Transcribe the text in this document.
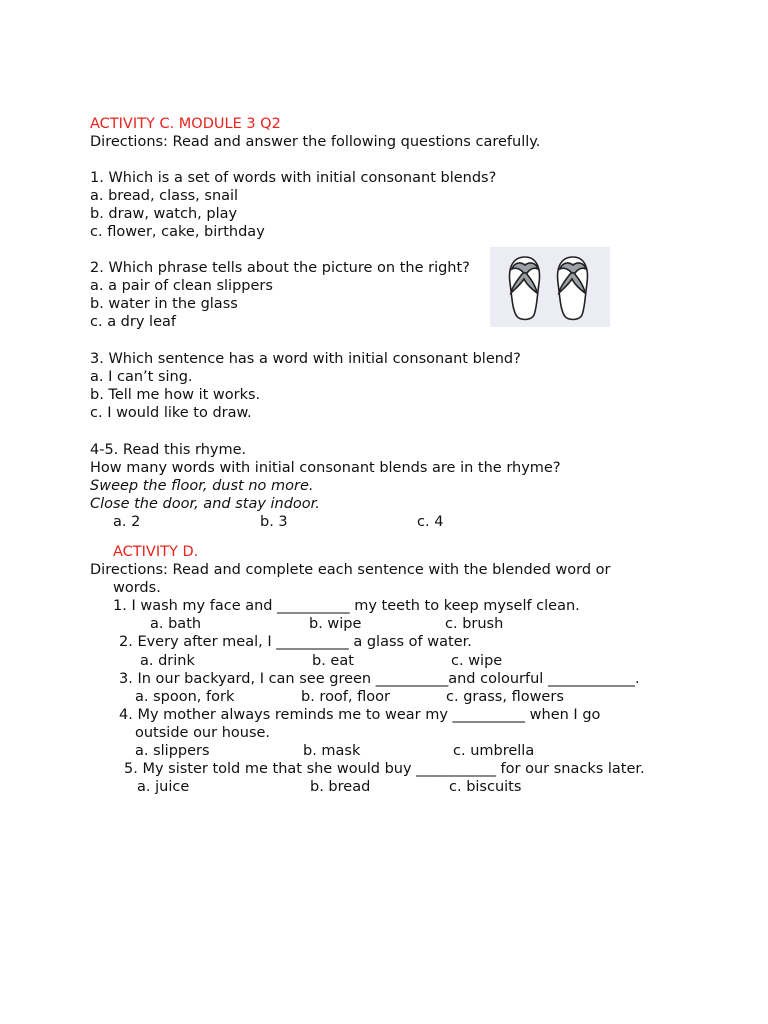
ACTIVITY C. MODULE 3 Q2
Directions: Read and answer the following questions carefully.
1. Which is a set of words with initial consonant blends?
a. bread, class, snail
b. draw, watch, play
c. flower, cake, birthday
2. Which phrase tells about the picture on the right?
a. a pair of clean slippers
b. water in the glass
c. a dry leaf
3. Which sentence has a word with initial consonant blend?
a. I can’t sing.
b. Tell me how it works.
c. I would like to draw.
4-5. Read this rhyme.
How many words with initial consonant blends are in the rhyme?
Sweep the floor, dust no more.
Close the door, and stay indoor.
a. 2	b. 3	c. 4
ACTIVITY D.
Directions: Read and complete each sentence with the blended word or
words.
1. I wash my face and __________ my teeth to keep myself clean.
a. bath	b. wipe	c. brush
2. Every after meal, I __________ a glass of water.
a. drink	b. eat	c. wipe
3. In our backyard, I can see green __________and colourful ____________.
a. spoon, fork	b. roof, floor	c. grass, flowers
4. My mother always reminds me to wear my __________ when I go
outside our house.
a. slippers	b. mask	c. umbrella
5. My sister told me that she would buy ___________ for our snacks later.
a. juice	b. bread	c. biscuits
